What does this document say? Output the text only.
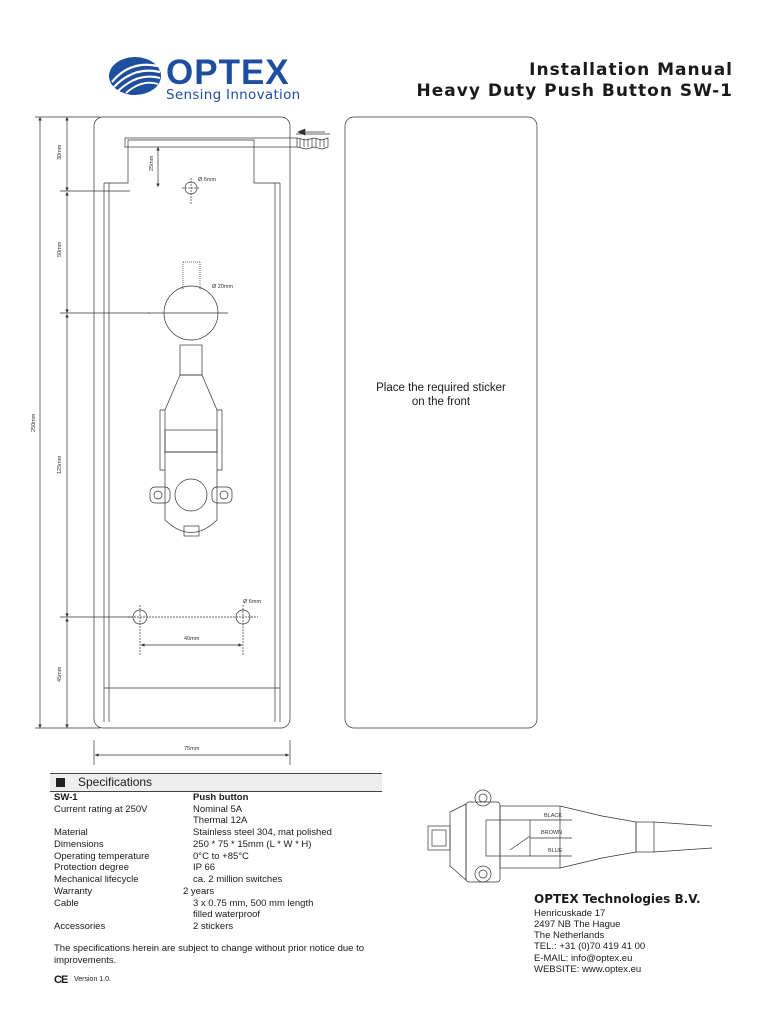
OPTEX
Sensing Innovation
Installation Manual
Heavy Duty Push Button SW-1
30mm
50mm
125mm
45mm
250mm
25mm
Ø 6mm
Ø 20mm
Ø 6mm
40mm
75mm
BLACK
BROWN
BLUE
Place the required sticker
on the front
Specifications
SW-1	Push button
Current rating at 250V	Nominal 5A
Thermal 12A
Material	Stainless steel 304, mat polished
Dimensions	250 * 75 * 15mm (L * W * H)
Operating temperature	0°C to +85°C
Protection degree	IP 66
Mechanical lifecycle	ca. 2 million switches
Warranty	2 years
Cable	3 x 0.75 mm, 500 mm length
filled waterproof
Accessories	2 stickers
The specifications herein are subject to change without prior notice due to improvements.
CE Version 1.0.
OPTEX Technologies B.V.
Henricuskade 17
2497 NB The Hague
The Netherlands
TEL.: +31 (0)70 419 41 00
E-MAIL: info@optex.eu
WEBSITE: www.optex.eu
